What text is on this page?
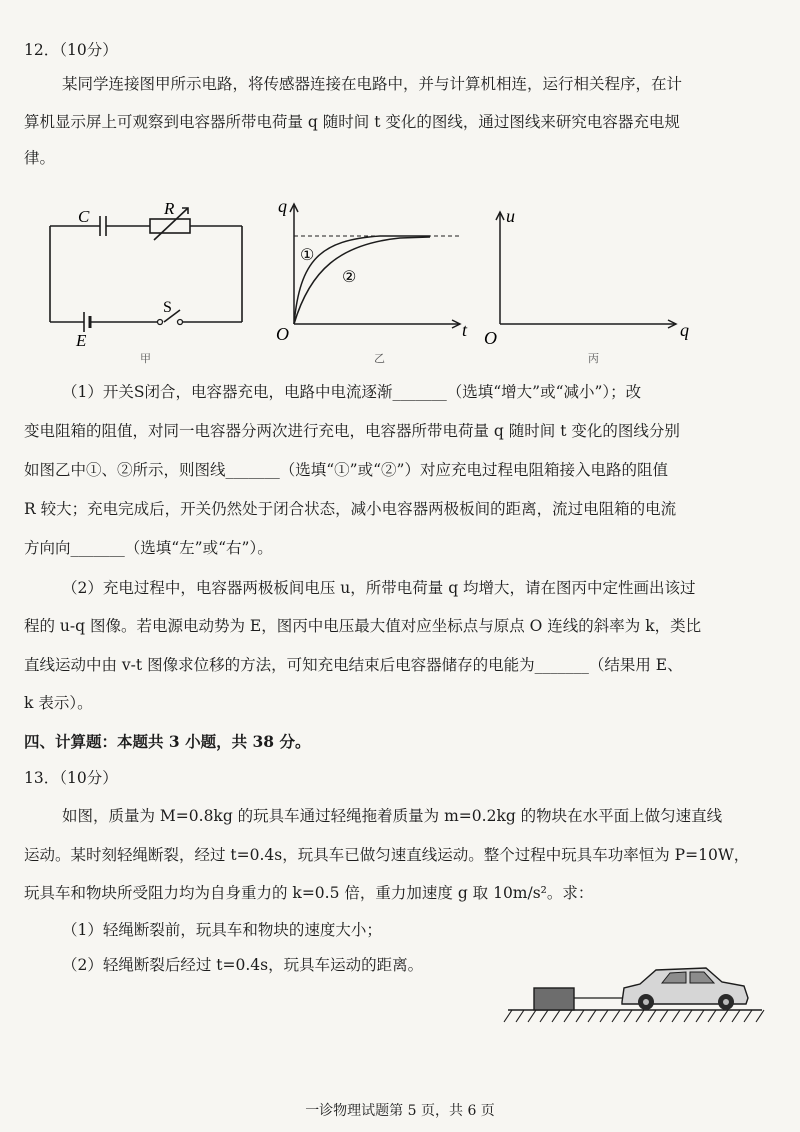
12．（10分）
某同学连接图甲所示电路，将传感器连接在电路中，并与计算机相连，运行相关程序，在计
算机显示屏上可观察到电容器所带电荷量 q 随时间 t 变化的图线，通过图线来研究电容器充电规
律。
C	R
S
E
甲
q
t
O
①
②
乙
u
q
O
丙
（1）开关S闭合，电容器充电，电路中电流逐渐_______（选填“增大”或“减小”）；改
变电阻箱的阻值，对同一电容器分两次进行充电，电容器所带电荷量 q 随时间 t 变化的图线分别
如图乙中①、②所示，则图线_______（选填“①”或“②”）对应充电过程电阻箱接入电路的阻值
R 较大；充电完成后，开关仍然处于闭合状态，减小电容器两极板间的距离，流过电阻箱的电流
方向向_______（选填“左”或“右”）。
（2）充电过程中，电容器两极板间电压 u，所带电荷量 q 均增大，请在图丙中定性画出该过
程的 u-q 图像。若电源电动势为 E，图丙中电压最大值对应坐标点与原点 O 连线的斜率为 k，类比
直线运动中由 v-t 图像求位移的方法，可知充电结束后电容器储存的电能为_______（结果用 E、
k 表示）。
四、计算题：本题共 3 小题，共 38 分。
13．（10分）
如图，质量为 M=0.8kg 的玩具车通过轻绳拖着质量为 m=0.2kg 的物块在水平面上做匀速直线
运动。某时刻轻绳断裂，经过 t=0.4s，玩具车已做匀速直线运动。整个过程中玩具车功率恒为 P=10W，
玩具车和物块所受阻力均为自身重力的 k=0.5 倍，重力加速度 g 取 10m/s²。求：
（1）轻绳断裂前，玩具车和物块的速度大小；
（2）轻绳断裂后经过 t=0.4s，玩具车运动的距离。
一诊物理试题第 5 页，共 6 页
